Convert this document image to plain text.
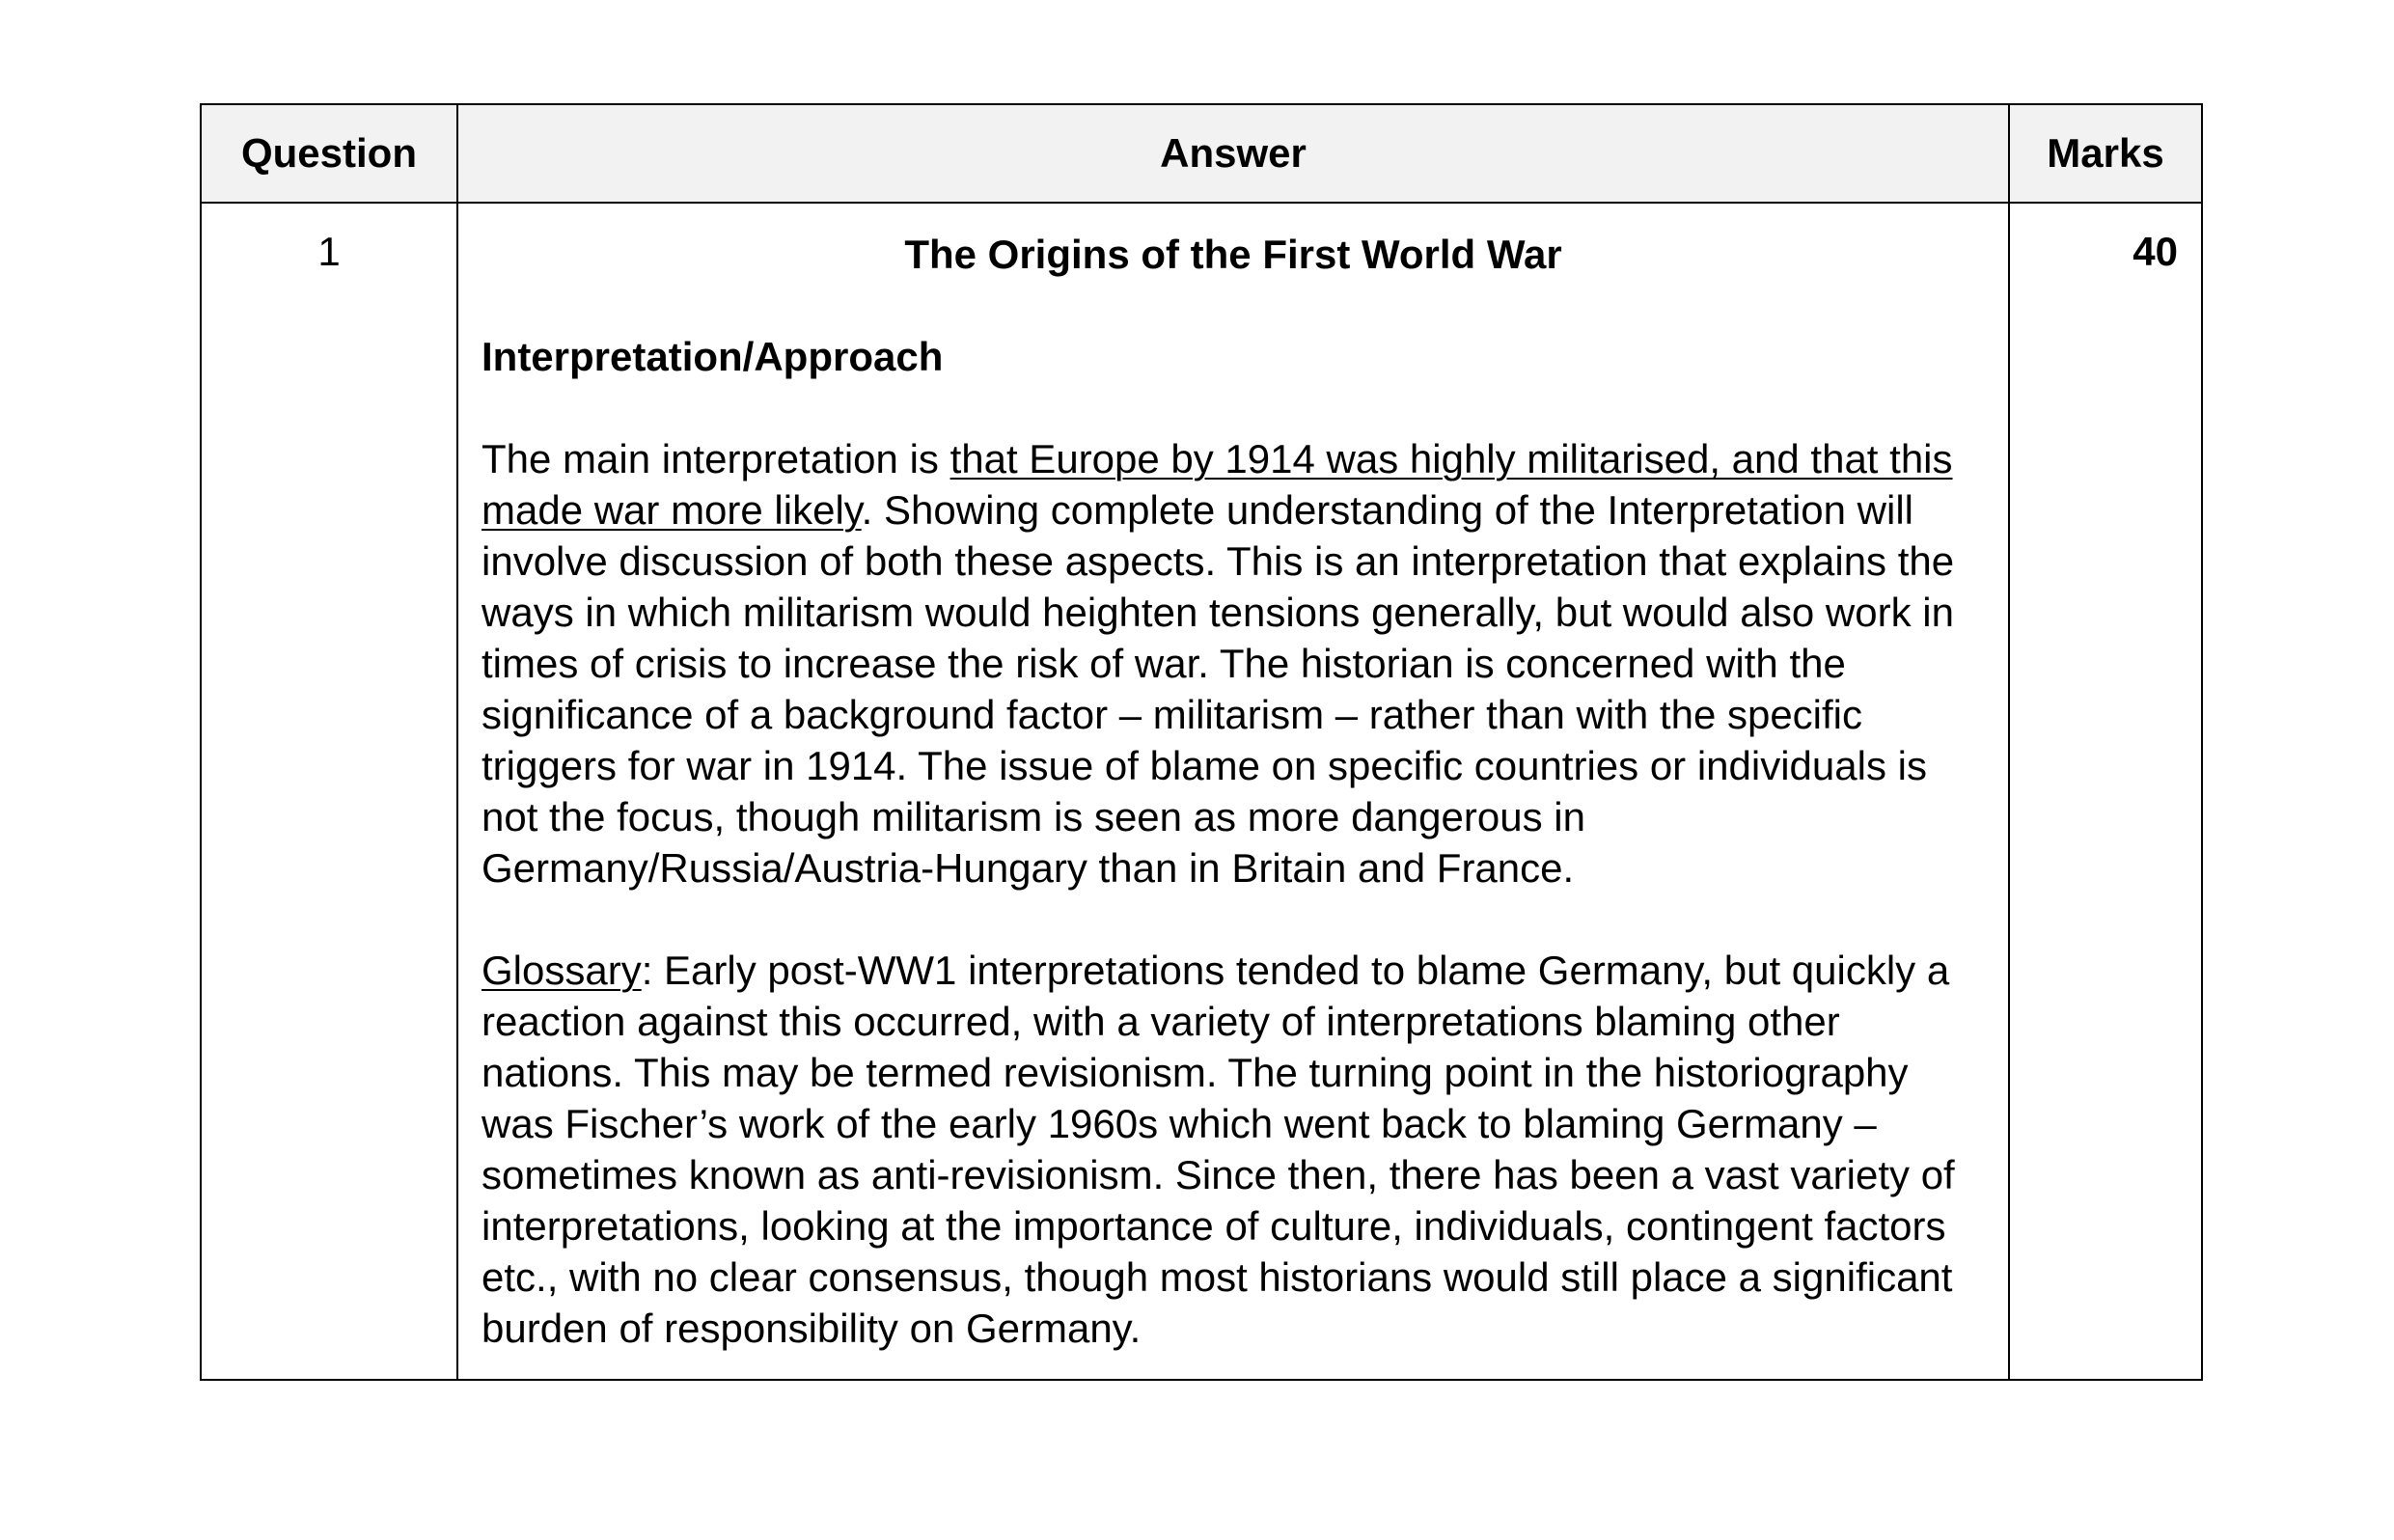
Question	Answer	Marks
1	The Origins of the First World War

Interpretation/Approach

The main interpretation is that Europe by 1914 was highly militarised, and that this made war more likely. Showing complete understanding of the Interpretation will involve discussion of both these aspects. This is an interpretation that explains the ways in which militarism would heighten tensions generally, but would also work in times of crisis to increase the risk of war. The historian is concerned with the significance of a background factor – militarism – rather than with the specific triggers for war in 1914. The issue of blame on specific countries or individuals is not the focus, though militarism is seen as more dangerous in Germany/Russia/Austria-Hungary than in Britain and France.

Glossary: Early post-WW1 interpretations tended to blame Germany, but quickly a reaction against this occurred, with a variety of interpretations blaming other nations. This may be termed revisionism. The turning point in the historiography was Fischer’s work of the early 1960s which went back to blaming Germany – sometimes known as anti-revisionism. Since then, there has been a vast variety of interpretations, looking at the importance of culture, individuals, contingent factors etc., with no clear consensus, though most historians would still place a significant burden of responsibility on Germany.	40
